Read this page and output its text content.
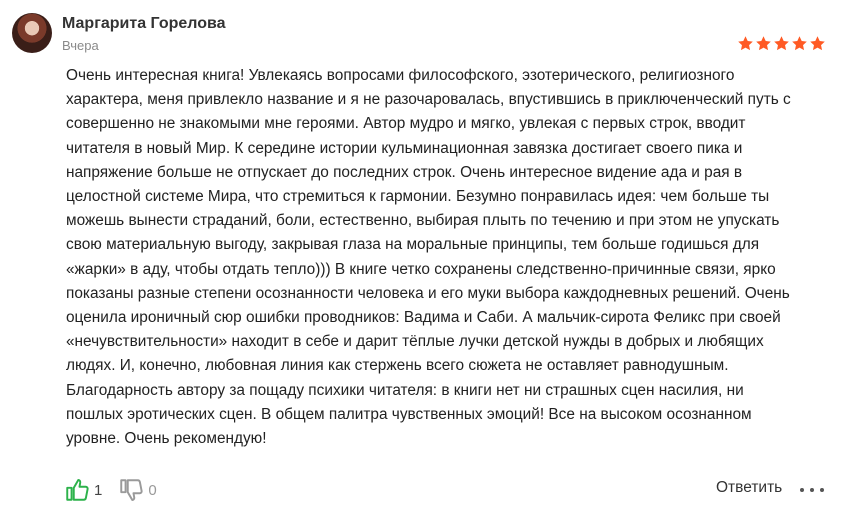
Маргарита Горелова
Вчера

Очень интересная книга! Увлекаясь вопросами философского, эзотерического, религиозного
характера, меня привлекло название и я не разочаровалась, впустившись в приключенческий путь с
совершенно не знакомыми мне героями. Автор мудро и мягко, увлекая с первых строк, вводит
читателя в новый Мир. К середине истории кульминационная завязка достигает своего пика и
напряжение больше не отпускает до последних строк. Очень интересное видение ада и рая в
целостной системе Мира, что стремиться к гармонии. Безумно понравилась идея: чем больше ты
можешь вынести страданий, боли, естественно, выбирая плыть по течению и при этом не упускать
свою материальную выгоду, закрывая глаза на моральные принципы, тем больше годишься для
«жарки» в аду, чтобы отдать тепло))) В книге четко сохранены следственно-причинные связи, ярко
показаны разные степени осознанности человека и его муки выбора каждодневных решений. Очень
оценила ироничный сюр ошибки проводников: Вадима и Саби. А мальчик-сирота Феликс при своей
«нечувствительности» находит в себе и дарит тёплые лучки детской нужды в добрых и любящих
людях. И, конечно, любовная линия как стержень всего сюжета не оставляет равнодушным.
Благодарность автору за пощаду психики читателя: в книги нет ни страшных сцен насилия, ни
пошлых эротических сцен. В общем палитра чувственных эмоций! Все на высоком осознанном
уровне. Очень рекомендую!

1	0	Ответить
